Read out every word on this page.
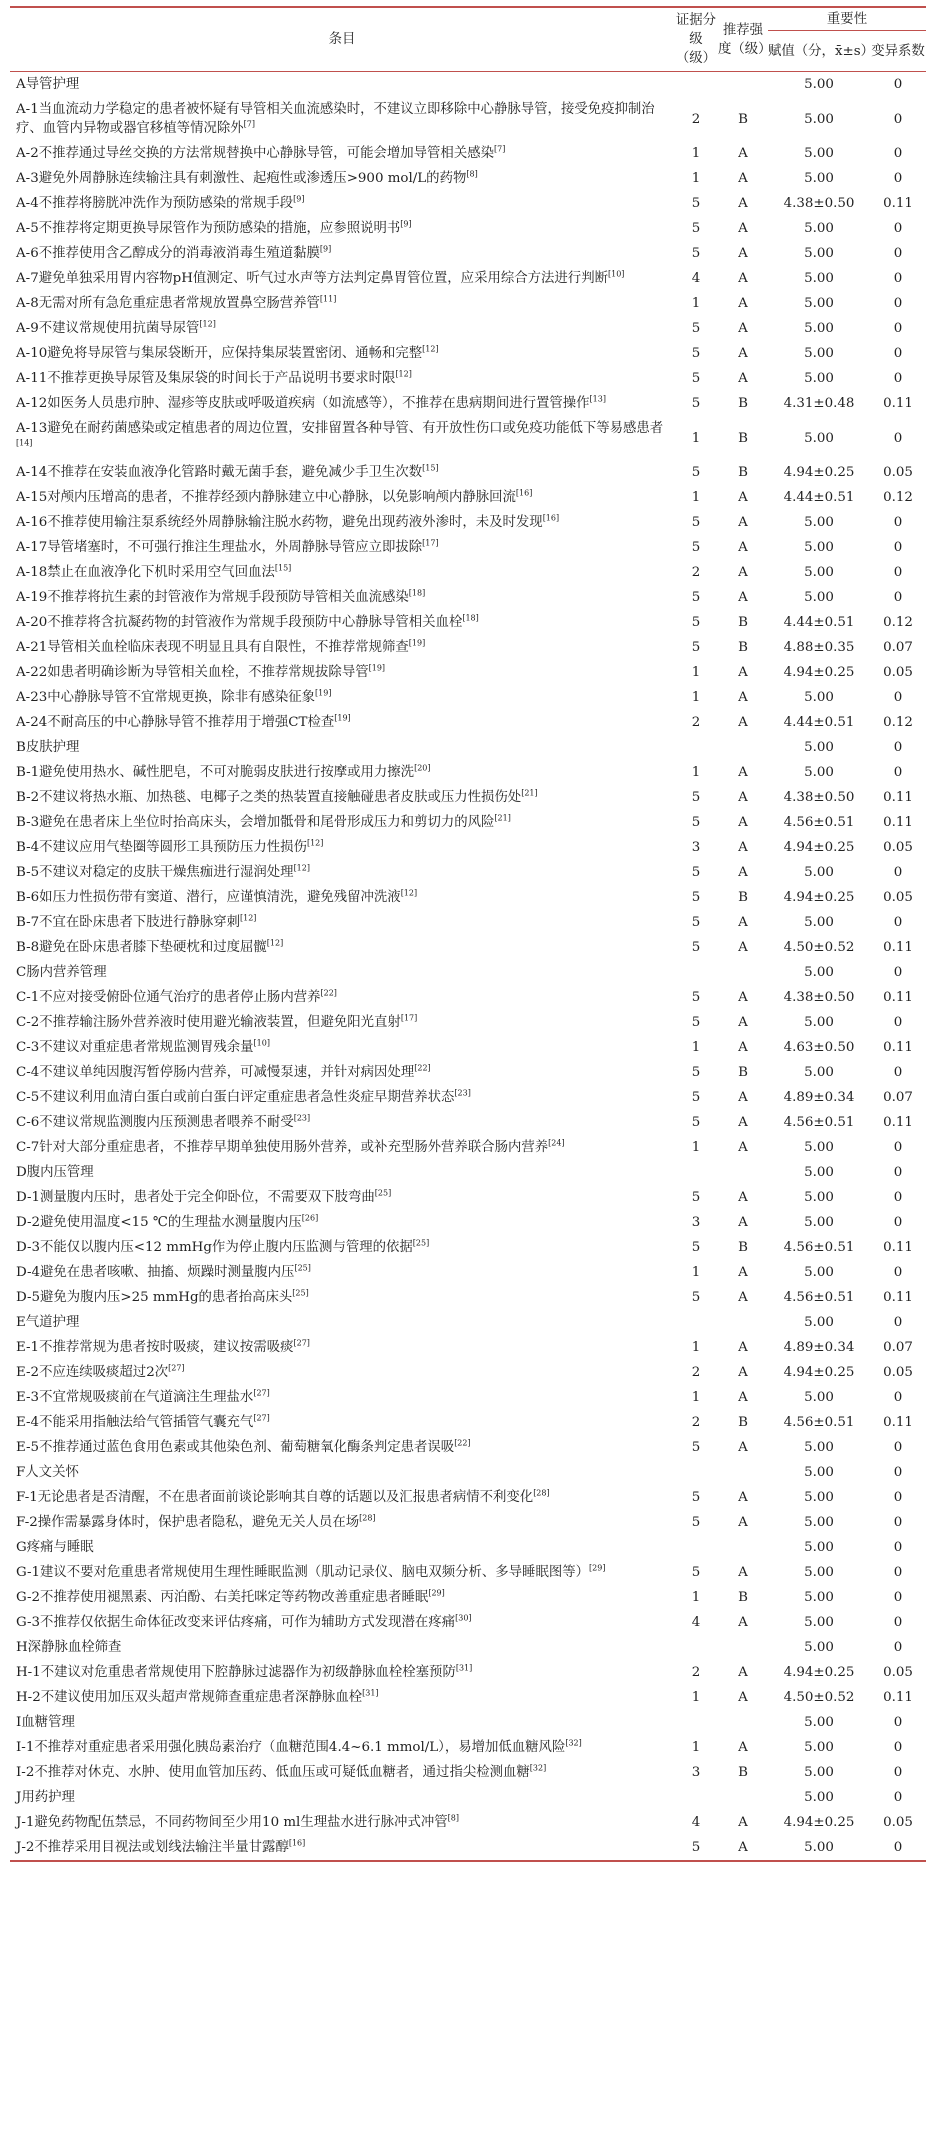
条目	证据分级（级）	推荐强度（级）	重要性	
			赋值（分，x̄±s）	变异系数
A导管护理			5.00	0
A-1当血流动力学稳定的患者被怀疑有导管相关血流感染时，不建议立即移除中心静脉导管，接受免疫抑制治疗、血管内异物或器官移植等情况除外[7]	2	B	5.00	0
A-2不推荐通过导丝交换的方法常规替换中心静脉导管，可能会增加导管相关感染[7]	1	A	5.00	0
A-3避免外周静脉连续输注具有刺激性、起疱性或渗透压>900 mol/L的药物[8]	1	A	5.00	0
A-4不推荐将膀胱冲洗作为预防感染的常规手段[9]	5	A	4.38±0.50	0.11
A-5不推荐将定期更换导尿管作为预防感染的措施，应参照说明书[9]	5	A	5.00	0
A-6不推荐使用含乙醇成分的消毒液消毒生殖道黏膜[9]	5	A	5.00	0
A-7避免单独采用胃内容物pH值测定、听气过水声等方法判定鼻胃管位置，应采用综合方法进行判断[10]	4	A	5.00	0
A-8无需对所有急危重症患者常规放置鼻空肠营养管[11]	1	A	5.00	0
A-9不建议常规使用抗菌导尿管[12]	5	A	5.00	0
A-10避免将导尿管与集尿袋断开，应保持集尿装置密闭、通畅和完整[12]	5	A	5.00	0
A-11不推荐更换导尿管及集尿袋的时间长于产品说明书要求时限[12]	5	A	5.00	0
A-12如医务人员患疖肿、湿疹等皮肤或呼吸道疾病（如流感等），不推荐在患病期间进行置管操作[13]	5	B	4.31±0.48	0.11
A-13避免在耐药菌感染或定植患者的周边位置，安排留置各种导管、有开放性伤口或免疫功能低下等易感患者[14]	1	B	5.00	0
A-14不推荐在安装血液净化管路时戴无菌手套，避免减少手卫生次数[15]	5	B	4.94±0.25	0.05
A-15对颅内压增高的患者，不推荐经颈内静脉建立中心静脉，以免影响颅内静脉回流[16]	1	A	4.44±0.51	0.12
A-16不推荐使用输注泵系统经外周静脉输注脱水药物，避免出现药液外渗时，未及时发现[16]	5	A	5.00	0
A-17导管堵塞时，不可强行推注生理盐水，外周静脉导管应立即拔除[17]	5	A	5.00	0
A-18禁止在血液净化下机时采用空气回血法[15]	2	A	5.00	0
A-19不推荐将抗生素的封管液作为常规手段预防导管相关血流感染[18]	5	A	5.00	0
A-20不推荐将含抗凝药物的封管液作为常规手段预防中心静脉导管相关血栓[18]	5	B	4.44±0.51	0.12
A-21导管相关血栓临床表现不明显且具有自限性，不推荐常规筛查[19]	5	B	4.88±0.35	0.07
A-22如患者明确诊断为导管相关血栓，不推荐常规拔除导管[19]	1	A	4.94±0.25	0.05
A-23中心静脉导管不宜常规更换，除非有感染征象[19]	1	A	5.00	0
A-24不耐高压的中心静脉导管不推荐用于增强CT检查[19]	2	A	4.44±0.51	0.12
B皮肤护理			5.00	0
B-1避免使用热水、碱性肥皂，不可对脆弱皮肤进行按摩或用力擦洗[20]	1	A	5.00	0
B-2不建议将热水瓶、加热毯、电椰子之类的热装置直接触碰患者皮肤或压力性损伤处[21]	5	A	4.38±0.50	0.11
B-3避免在患者床上坐位时抬高床头，会增加骶骨和尾骨形成压力和剪切力的风险[21]	5	A	4.56±0.51	0.11
B-4不建议应用气垫圈等圆形工具预防压力性损伤[12]	3	A	4.94±0.25	0.05
B-5不建议对稳定的皮肤干燥焦痂进行湿润处理[12]	5	A	5.00	0
B-6如压力性损伤带有窦道、潜行，应谨慎清洗，避免残留冲洗液[12]	5	B	4.94±0.25	0.05
B-7不宜在卧床患者下肢进行静脉穿刺[12]	5	A	5.00	0
B-8避免在卧床患者膝下垫硬枕和过度屈髋[12]	5	A	4.50±0.52	0.11
C肠内营养管理			5.00	0
C-1不应对接受俯卧位通气治疗的患者停止肠内营养[22]	5	A	4.38±0.50	0.11
C-2不推荐输注肠外营养液时使用避光输液装置，但避免阳光直射[17]	5	A	5.00	0
C-3不建议对重症患者常规监测胃残余量[10]	1	A	4.63±0.50	0.11
C-4不建议单纯因腹泻暂停肠内营养，可减慢泵速，并针对病因处理[22]	5	B	5.00	0
C-5不建议利用血清白蛋白或前白蛋白评定重症患者急性炎症早期营养状态[23]	5	A	4.89±0.34	0.07
C-6不建议常规监测腹内压预测患者喂养不耐受[23]	5	A	4.56±0.51	0.11
C-7针对大部分重症患者，不推荐早期单独使用肠外营养，或补充型肠外营养联合肠内营养[24]	1	A	5.00	0
D腹内压管理			5.00	0
D-1测量腹内压时，患者处于完全仰卧位，不需要双下肢弯曲[25]	5	A	5.00	0
D-2避免使用温度<15 ℃的生理盐水测量腹内压[26]	3	A	5.00	0
D-3不能仅以腹内压<12 mmHg作为停止腹内压监测与管理的依据[25]	5	B	4.56±0.51	0.11
D-4避免在患者咳嗽、抽搐、烦躁时测量腹内压[25]	1	A	5.00	0
D-5避免为腹内压>25 mmHg的患者抬高床头[25]	5	A	4.56±0.51	0.11
E气道护理			5.00	0
E-1不推荐常规为患者按时吸痰，建议按需吸痰[27]	1	A	4.89±0.34	0.07
E-2不应连续吸痰超过2次[27]	2	A	4.94±0.25	0.05
E-3不宜常规吸痰前在气道滴注生理盐水[27]	1	A	5.00	0
E-4不能采用指触法给气管插管气囊充气[27]	2	B	4.56±0.51	0.11
E-5不推荐通过蓝色食用色素或其他染色剂、葡萄糖氧化酶条判定患者误吸[22]	5	A	5.00	0
F人文关怀			5.00	0
F-1无论患者是否清醒，不在患者面前谈论影响其自尊的话题以及汇报患者病情不利变化[28]	5	A	5.00	0
F-2操作需暴露身体时，保护患者隐私，避免无关人员在场[28]	5	A	5.00	0
G疼痛与睡眠			5.00	0
G-1建议不要对危重患者常规使用生理性睡眠监测（肌动记录仪、脑电双频分析、多导睡眠图等）[29]	5	A	5.00	0
G-2不推荐使用褪黑素、丙泊酚、右美托咪定等药物改善重症患者睡眠[29]	1	B	5.00	0
G-3不推荐仅依据生命体征改变来评估疼痛，可作为辅助方式发现潜在疼痛[30]	4	A	5.00	0
H深静脉血栓筛查			5.00	0
H-1不建议对危重患者常规使用下腔静脉过滤器作为初级静脉血栓栓塞预防[31]	2	A	4.94±0.25	0.05
H-2不建议使用加压双头超声常规筛查重症患者深静脉血栓[31]	1	A	4.50±0.52	0.11
I血糖管理			5.00	0
I-1不推荐对重症患者采用强化胰岛素治疗（血糖范围4.4~6.1 mmol/L），易增加低血糖风险[32]	1	A	5.00	0
I-2不推荐对休克、水肿、使用血管加压药、低血压或可疑低血糖者，通过指尖检测血糖[32]	3	B	5.00	0
J用药护理			5.00	0
J-1避免药物配伍禁忌，不同药物间至少用10 ml生理盐水进行脉冲式冲管[8]	4	A	4.94±0.25	0.05
J-2不推荐采用目视法或划线法输注半量甘露醇[16]	5	A	5.00	0
